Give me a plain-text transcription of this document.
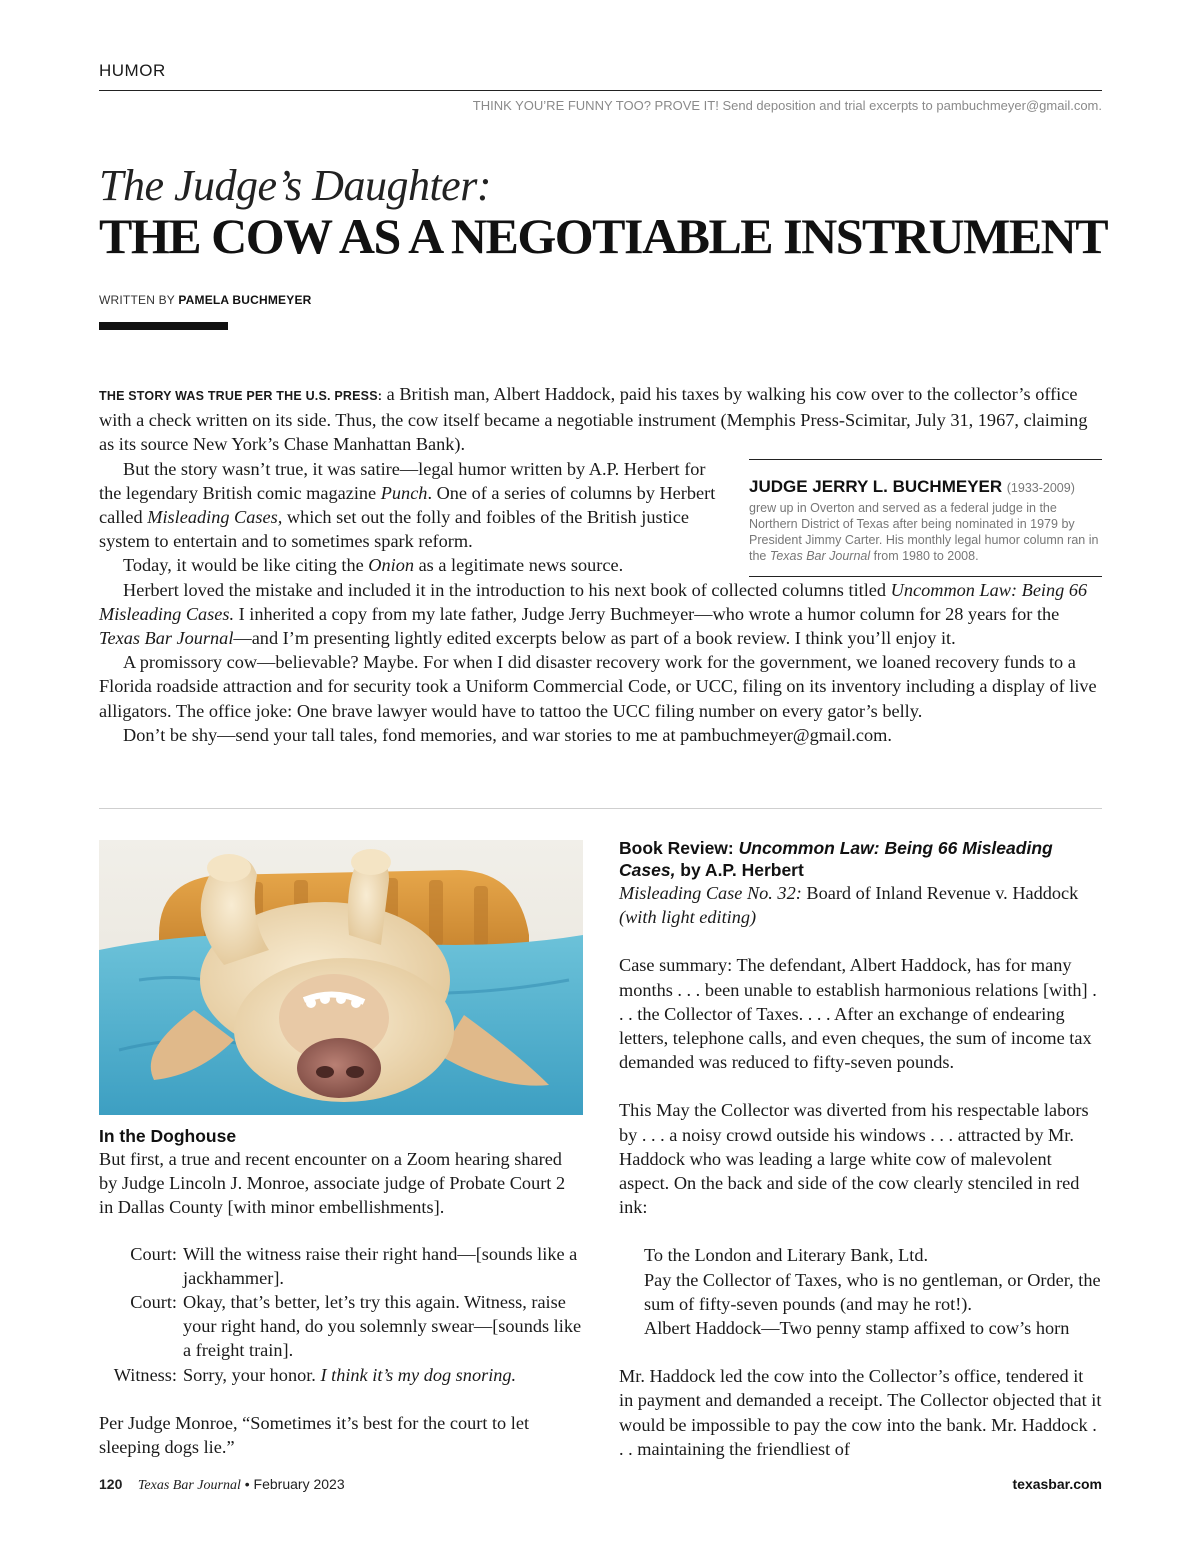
HUMOR
THINK YOU’RE FUNNY TOO? PROVE IT! Send deposition and trial excerpts to pambuchmeyer@gmail.com.
The Judge’s Daughter:
THE COW AS A NEGOTIABLE INSTRUMENT
WRITTEN BY PAMELA BUCHMEYER

THE STORY WAS TRUE PER THE U.S. PRESS: a British man, Albert Haddock, paid his taxes by walking his cow over to the collector’s office with a check written on its side. Thus, the cow itself became a negotiable instrument (Memphis Press-Scimitar, July 31, 1967, claiming as its source New York’s Chase Manhattan Bank).

JUDGE JERRY L. BUCHMEYER (1933-2009)
grew up in Overton and served as a federal judge in the Northern District of Texas after being nominated in 1979 by President Jimmy Carter. His monthly legal humor column ran in the Texas Bar Journal from 1980 to 2008.

But the story wasn’t true, it was satire—legal humor written by A.P. Herbert for the legendary British comic magazine Punch. One of a series of columns by Herbert called Misleading Cases, which set out the folly and foibles of the British justice system to entertain and to sometimes spark reform.

Today, it would be like citing the Onion as a legitimate news source.

Herbert loved the mistake and included it in the introduction to his next book of collected columns titled Uncommon Law: Being 66 Misleading Cases. I inherited a copy from my late father, Judge Jerry Buchmeyer—who wrote a humor column for 28 years for the Texas Bar Journal—and I’m presenting lightly edited excerpts below as part of a book review. I think you’ll enjoy it.

A promissory cow—believable? Maybe. For when I did disaster recovery work for the government, we loaned recovery funds to a Florida roadside attraction and for security took a Uniform Commercial Code, or UCC, filing on its inventory including a display of live alligators. The office joke: One brave lawyer would have to tattoo the UCC filing number on every gator’s belly.

Don’t be shy—send your tall tales, fond memories, and war stories to me at pambuchmeyer@gmail.com.

In the Doghouse

But first, a true and recent encounter on a Zoom hearing shared by Judge Lincoln J. Monroe, associate judge of Probate Court 2 in Dallas County [with minor embellishments].

Court: Will the witness raise their right hand—[sounds like a jackhammer].
Court: Okay, that’s better, let’s try this again. Witness, raise your right hand, do you solemnly swear—[sounds like a freight train].
Witness: Sorry, your honor. I think it’s my dog snoring.

Per Judge Monroe, “Sometimes it’s best for the court to let sleeping dogs lie.”

Book Review: Uncommon Law: Being 66 Misleading Cases, by A.P. Herbert

Misleading Case No. 32: Board of Inland Revenue v. Haddock

(with light editing)

Case summary: The defendant, Albert Haddock, has for many months . . . been unable to establish harmonious relations [with] . . . the Collector of Taxes. . . . After an exchange of endearing letters, telephone calls, and even cheques, the sum of income tax demanded was reduced to fifty-seven pounds.

This May the Collector was diverted from his respectable labors by . . . a noisy crowd outside his windows . . . attracted by Mr. Haddock who was leading a large white cow of malevolent aspect. On the back and side of the cow clearly stenciled in red ink:

To the London and Literary Bank, Ltd.

Pay the Collector of Taxes, who is no gentleman, or Order, the sum of fifty-seven pounds (and may he rot!).

Albert Haddock—Two penny stamp affixed to cow’s horn

Mr. Haddock led the cow into the Collector’s office, tendered it in payment and demanded a receipt. The Collector objected that it would be impossible to pay the cow into the bank. Mr. Haddock . . . maintaining the friendliest of

120 Texas Bar Journal • February 2023	texasbar.com
